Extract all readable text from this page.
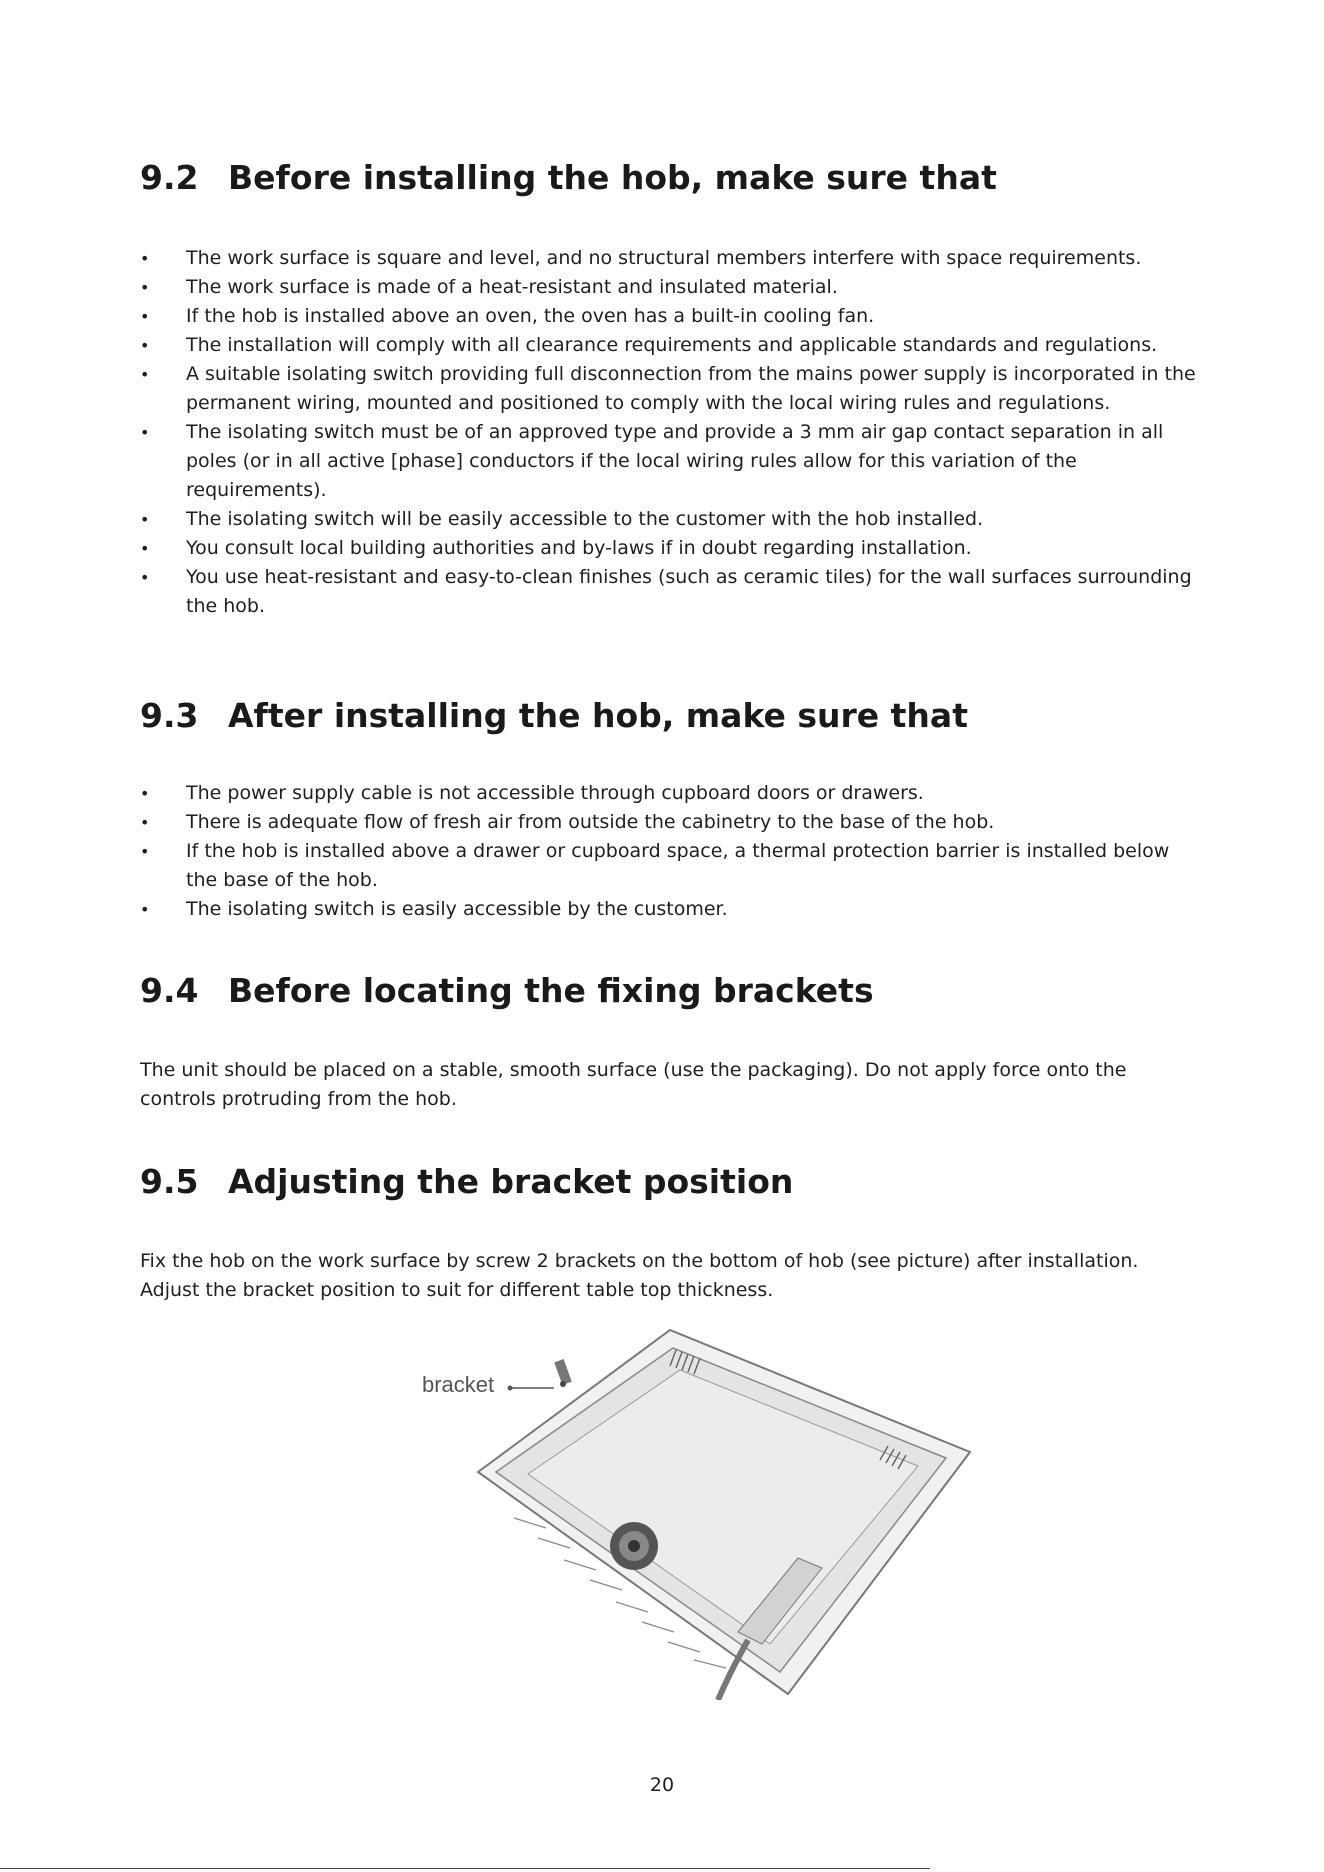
9.2 Before installing the hob, make sure that
• The work surface is square and level, and no structural members interfere with space requirements.
• The work surface is made of a heat-resistant and insulated material.
• If the hob is installed above an oven, the oven has a built-in cooling fan.
• The installation will comply with all clearance requirements and applicable standards and regulations.
• A suitable isolating switch providing full disconnection from the mains power supply is incorporated in the permanent wiring, mounted and positioned to comply with the local wiring rules and regulations.
• The isolating switch must be of an approved type and provide a 3 mm air gap contact separation in all poles (or in all active [phase] conductors if the local wiring rules allow for this variation of the requirements).
• The isolating switch will be easily accessible to the customer with the hob installed.
• You consult local building authorities and by-laws if in doubt regarding installation.
• You use heat-resistant and easy-to-clean finishes (such as ceramic tiles) for the wall surfaces surrounding the hob.
9.3 After installing the hob, make sure that
• The power supply cable is not accessible through cupboard doors or drawers.
• There is adequate flow of fresh air from outside the cabinetry to the base of the hob.
• If the hob is installed above a drawer or cupboard space, a thermal protection barrier is installed below the base of the hob.
• The isolating switch is easily accessible by the customer.
9.4 Before locating the fixing brackets

The unit should be placed on a stable, smooth surface (use the packaging). Do not apply force onto the controls protruding from the hob.

9.5 Adjusting the bracket position

Fix the hob on the work surface by screw 2 brackets on the bottom of hob (see picture) after installation. Adjust the bracket position to suit for different table top thickness.

bracket
20
